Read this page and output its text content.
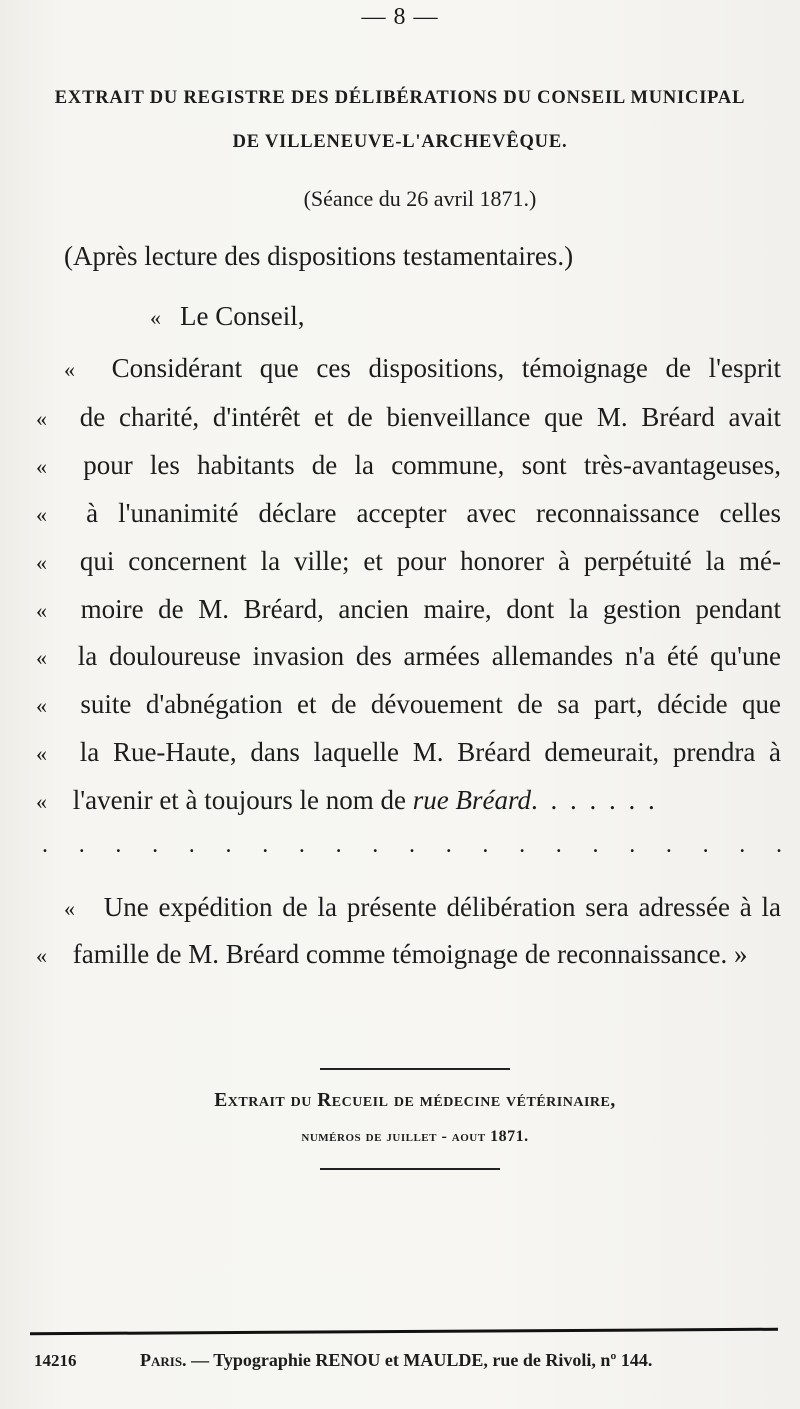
— 8 —
EXTRAIT DU REGISTRE DES DÉLIBÉRATIONS DU CONSEIL MUNICIPAL
DE VILLENEUVE-L'ARCHEVÊQUE.
(Séance du 26 avril 1871.)
(Après lecture des dispositions testamentaires.)
« Le Conseil,
« Considérant que ces dispositions, témoignage de l'esprit
« de charité, d'intérêt et de bienveillance que M. Bréard avait
« pour les habitants de la commune, sont très-avantageuses,
« à l'unanimité déclare accepter avec reconnaissance celles
« qui concernent la ville; et pour honorer à perpétuité la mé-
« moire de M. Bréard, ancien maire, dont la gestion pendant
« la douloureuse invasion des armées allemandes n'a été qu'une
« suite d'abnégation et de dévouement de sa part, décide que
« la Rue-Haute, dans laquelle M. Bréard demeurait, prendra à
« l'avenir et à toujours le nom de rue Bréard. . . . . . .
. . . . . . . . . . . . . . . . . . . . .
« Une expédition de la présente délibération sera adressée à la
« famille de M. Bréard comme témoignage de reconnaissance. »
Extrait du Recueil de médecine vétérinaire,
numéros de juillet - aout 1871.
14216	Paris. — Typographie RENOU et MAULDE, rue de Rivoli, nº 144.
